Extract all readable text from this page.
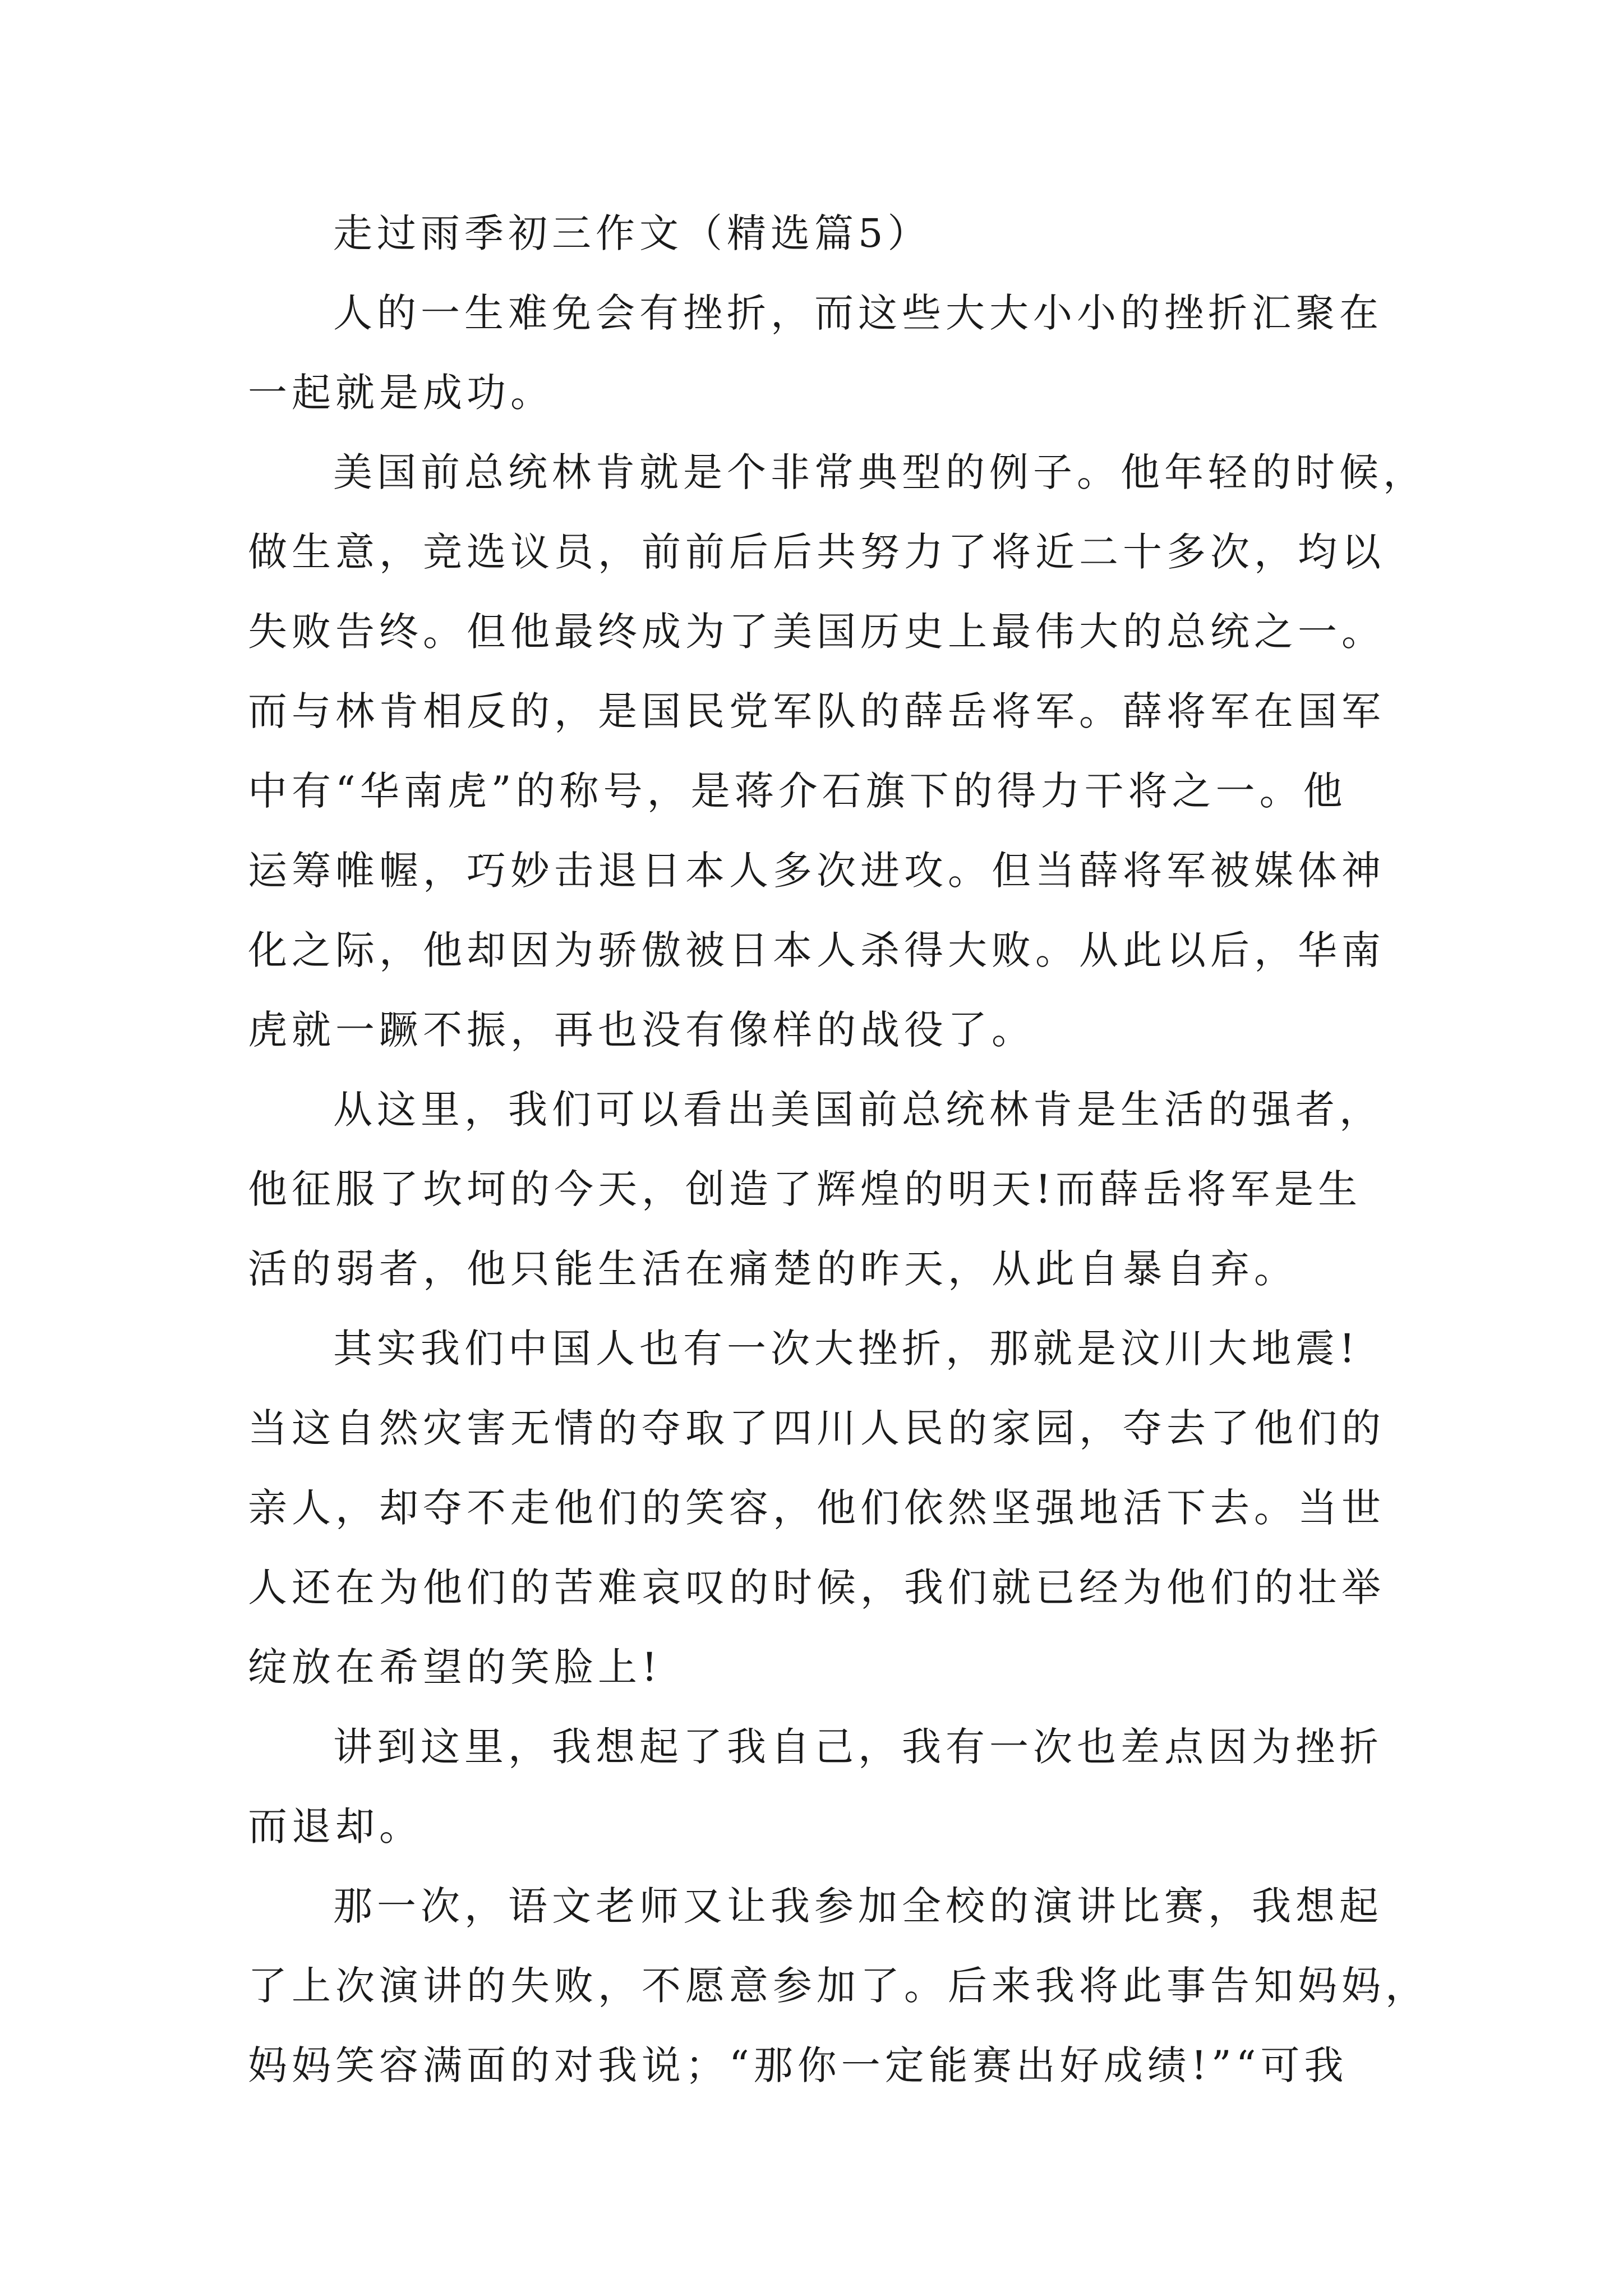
走过雨季初三作文（精选篇5）

人的一生难免会有挫折，而这些大大小小的挫折汇聚在
一起就是成功。

美国前总统林肯就是个非常典型的例子。他年轻的时候，
做生意，竞选议员，前前后后共努力了将近二十多次，均以
失败告终。但他最终成为了美国历史上最伟大的总统之一。
而与林肯相反的，是国民党军队的薛岳将军。薛将军在国军
中有“华南虎”的称号，是蒋介石旗下的得力干将之一。他
运筹帷幄，巧妙击退日本人多次进攻。但当薛将军被媒体神
化之际，他却因为骄傲被日本人杀得大败。从此以后，华南
虎就一蹶不振，再也没有像样的战役了。

从这里，我们可以看出美国前总统林肯是生活的强者，
他征服了坎坷的今天，创造了辉煌的明天!而薛岳将军是生
活的弱者，他只能生活在痛楚的昨天，从此自暴自弃。

其实我们中国人也有一次大挫折，那就是汶川大地震!
当这自然灾害无情的夺取了四川人民的家园，夺去了他们的
亲人，却夺不走他们的笑容，他们依然坚强地活下去。当世
人还在为他们的苦难哀叹的时候，我们就已经为他们的壮举
绽放在希望的笑脸上!

讲到这里，我想起了我自己，我有一次也差点因为挫折
而退却。

那一次，语文老师又让我参加全校的演讲比赛，我想起
了上次演讲的失败，不愿意参加了。后来我将此事告知妈妈，
妈妈笑容满面的对我说；“那你一定能赛出好成绩!”“可我
